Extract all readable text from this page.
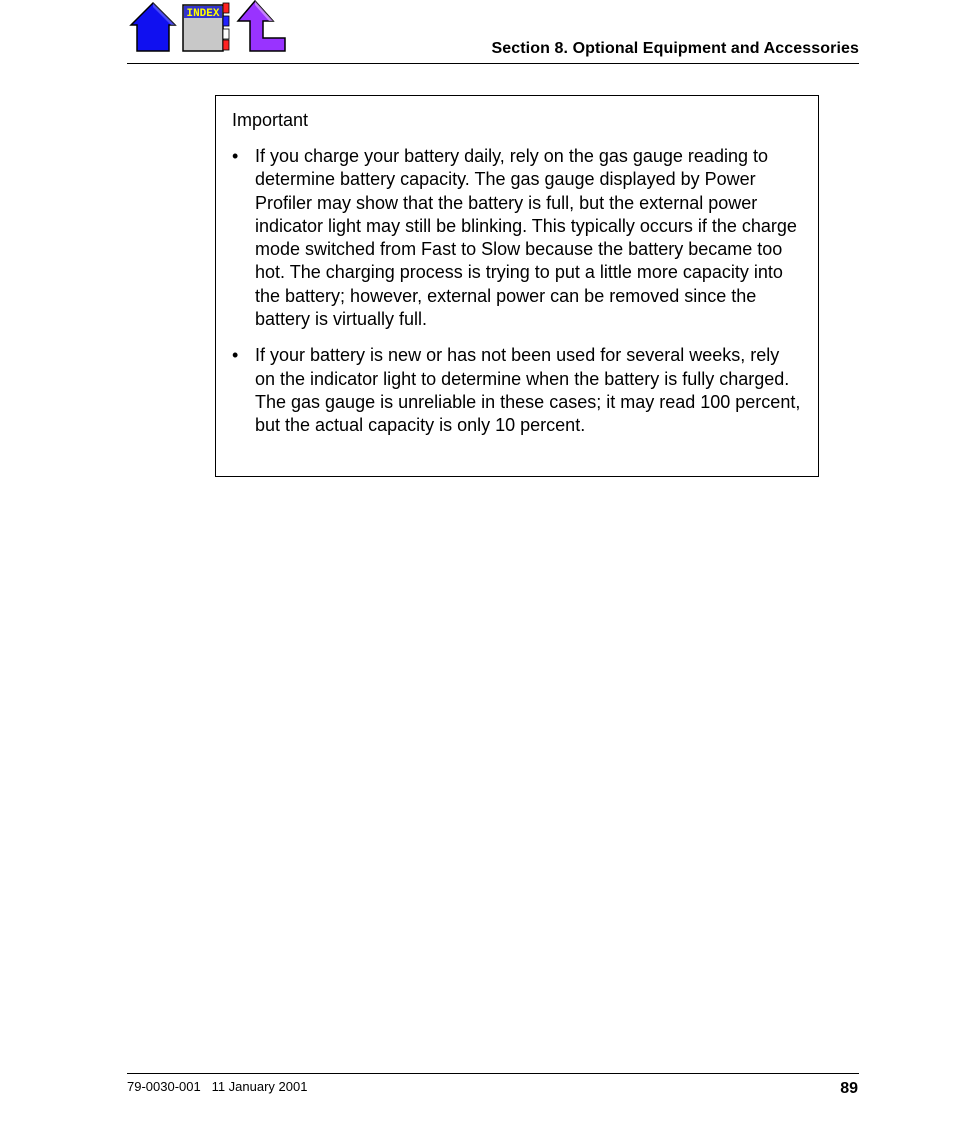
INDEX
Section 8. Optional Equipment and Accessories
Important
• If you charge your battery daily, rely on the gas gauge reading to determine battery capacity. The gas gauge displayed by Power Profiler may show that the battery is full, but the external power indicator light may still be blinking. This typically occurs if the charge mode switched from Fast to Slow because the battery became too hot. The charging process is trying to put a little more capacity into the battery; however, external power can be removed since the battery is virtually full.
• If your battery is new or has not been used for several weeks, rely on the indicator light to determine when the battery is fully charged. The gas gauge is unreliable in these cases; it may read 100 percent, but the actual capacity is only 10 percent.
79-0030-001 11 January 2001	89
